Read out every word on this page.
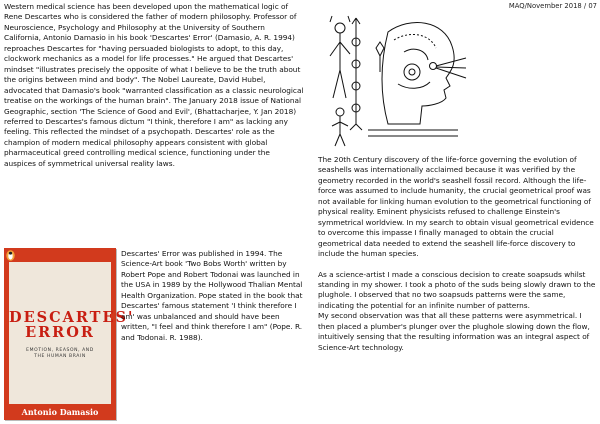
MAQ/November 2018 / 07

Western medical science has been developed upon the mathematical logic of Rene Descartes who is considered the father of modern philosophy. Professor of Neuroscience, Psychology and Philosophy at the University of Southern California, Antonio Damasio in his book 'Descartes' Error' (Damasio, A. R. 1994) reproaches Descartes for "having persuaded biologists to adopt, to this day, clockwork mechanics as a model for life processes." He argued that Descartes' mindset "illustrates precisely the opposite of what I believe to be the truth about the origins between mind and body". The Nobel Laureate, David Hubel, advocated that Damasio's book "warranted classification as a classic neurological treatise on the workings of the human brain". The January 2018 issue of National Geographic, section 'The Science of Good and Evil', (Bhattacharjee, Y. Jan 2018) referred to Descartes's famous dictum "I think, therefore I am" as lacking any feeling. This reflected the mindset of a psychopath. Descartes' role as the champion of modern medical philosophy appears consistent with global pharmaceutical greed controlling medical science, functioning under the auspices of symmetrical universal reality laws.

DESCARTES'
ERROR
EMOTION, REASON, AND
THE HUMAN BRAIN
Antonio Damasio

Descartes' Error was published in 1994. The Science-Art book 'Two Bobs Worth' written by Robert Pope and Robert Todonai was launched in the USA in 1989 by the Hollywood Thalian Mental Health Organization. Pope stated in the book that Descartes' famous statement 'I think therefore I am' was unbalanced and should have been written, "I feel and think therefore I am" (Pope. R. and Todonai. R. 1988).

The 20th Century discovery of the life-force governing the evolution of seashells was internationally acclaimed because it was verified by the geometry recorded in the world's seashell fossil record. Although the life-force was assumed to include humanity, the crucial geometrical proof was not available for linking human evolution to the geometrical functioning of physical reality. Eminent physicists refused to challenge Einstein's symmetrical worldview. In my search to obtain visual geometrical evidence to overcome this impasse I finally managed to obtain the crucial geometrical data needed to extend the seashell life-force discovery to include the human species.

As a science-artist I made a conscious decision to create soapsuds whilst standing in my shower. I took a photo of the suds being slowly drawn to the plughole. I observed that no two soapsuds patterns were the same, indicating the potential for an infinite number of patterns.

My second observation was that all these patterns were asymmetrical. I then placed a plumber's plunger over the plughole slowing down the flow, intuitively sensing that the resulting information was an integral aspect of Science-Art technology.
